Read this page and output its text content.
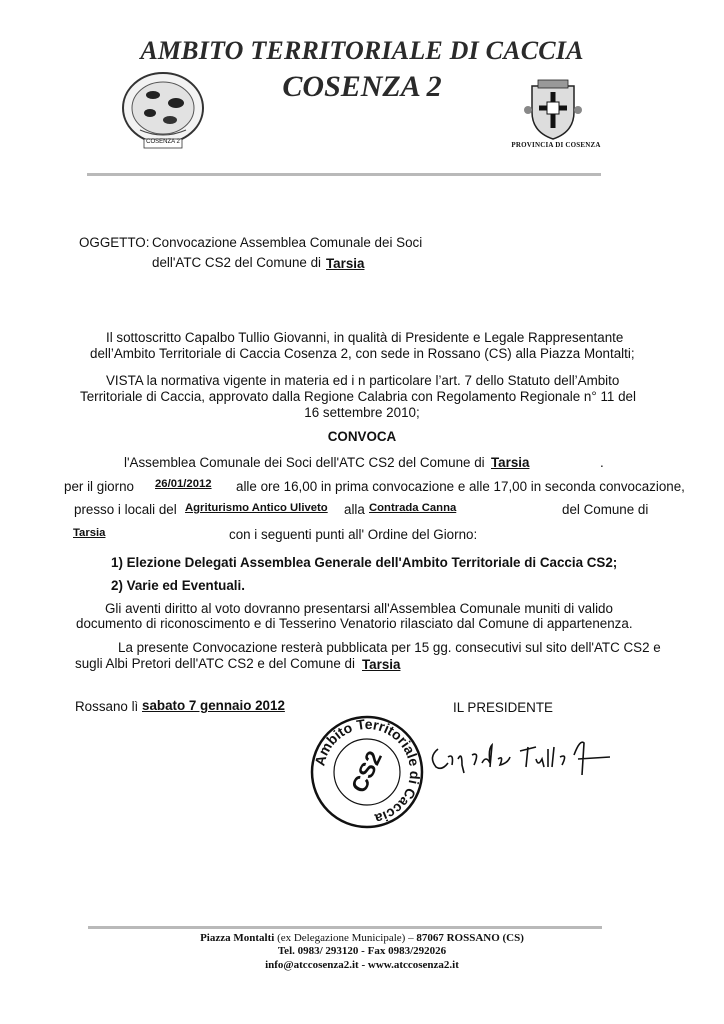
AMBITO TERRITORIALE DI CACCIA
COSENZA 2
COSENZA 2	PROVINCIA DI COSENZA
OGGETTO: Convocazione Assemblea Comunale dei Soci
dell'ATC CS2 del Comune di Tarsia
Il sottoscritto Capalbo Tullio Giovanni, in qualità di Presidente e Legale Rappresentante
dell’Ambito Territoriale di Caccia Cosenza 2, con sede in Rossano (CS) alla Piazza Montalti;
VISTA la normativa vigente in materia ed i n particolare l’art. 7 dello Statuto dell’Ambito
Territoriale di Caccia, approvato dalla Regione Calabria con Regolamento Regionale n° 11 del
16 settembre 2010;
CONVOCA
l'Assemblea Comunale dei Soci dell'ATC CS2 del Comune di Tarsia	.
per il giorno 26/01/2012 alle ore 16,00 in prima convocazione e alle 17,00 in seconda convocazione,
presso i locali del Agriturismo Antico Uliveto alla Contrada Canna	del Comune di
Tarsia	con i seguenti punti all' Ordine del Giorno:
1) Elezione Delegati Assemblea Generale dell'Ambito Territoriale di Caccia CS2;
2) Varie ed Eventuali.
Gli aventi diritto al voto dovranno presentarsi all'Assemblea Comunale muniti di valido
documento di riconoscimento e di Tesserino Venatorio rilasciato dal Comune di appartenenza.
La presente Convocazione resterà pubblicata per 15 gg. consecutivi sul sito dell'ATC CS2 e
sugli Albi Pretori dell'ATC CS2 e del Comune di Tarsia
Rossano lì sabato 7 gennaio 2012	IL PRESIDENTE
Ambito Territoriale di Caccia
CS2
Piazza Montalti (ex Delegazione Municipale) – 87067 ROSSANO (CS)
Tel. 0983/ 293120 - Fax 0983/292026
info@atccosenza2.it - www.atccosenza2.it
